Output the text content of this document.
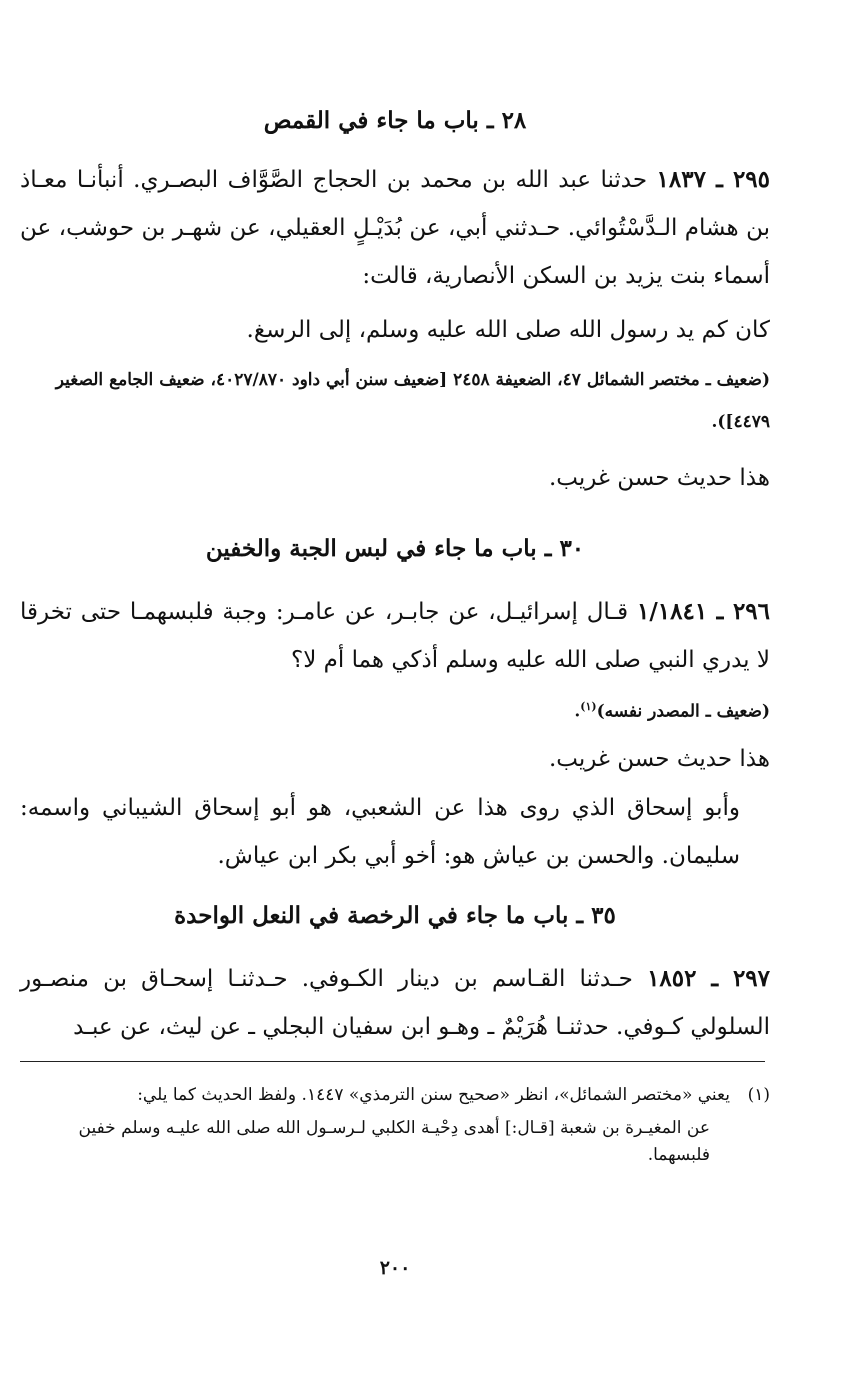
٢٨ ـ باب ما جاء في القمص
٢٩٥ ـ ١٨٣٧ حدثنا عبد الله بن محمد بن الحجاج الصَّوَّاف البصـري. أنبأنـا معـاذ بن هشام الـدَّسْتُوائي. حـدثني أبي، عن بُدَيْـلٍ العقيلي، عن شهـر بن حوشب، عن أسماء بنت يزيد بن السكن الأنصارية، قالت:
كان كم يد رسول الله صلى الله عليه وسلم، إلى الرسغ.
(ضعيف ـ مختصر الشمائل ٤٧، الضعيفة ٢٤٥٨ [ضعيف سنن أبي داود ٤٠٢٧/٨٧٠، ضعيف الجامع الصغير ٤٤٧٩]).
هذا حديث حسن غريب.
٣٠ ـ باب ما جاء في لبس الجبة والخفين
٢٩٦ ـ ١/١٨٤١ قـال إسرائيـل، عن جابـر، عن عامـر: وجبة فلبسهمـا حتى تخرقا لا يدري النبي صلى الله عليه وسلم أذكي هما أم لا؟
(ضعيف ـ المصدر نفسه)$^{(١)}$.
هذا حديث حسن غريب.
وأبو إسحاق الذي روى هذا عن الشعبي، هو أبو إسحاق الشيباني واسمه: سليمان. والحسن بن عياش هو: أخو أبي بكر ابن عياش.
٣٥ ـ باب ما جاء في الرخصة في النعل الواحدة
٢٩٧ ـ ١٨٥٢ حـدثنا القـاسم بن دينار الكـوفي. حـدثنـا إسحـاق بن منصـور السلولي كـوفي. حدثنـا هُرَيْمٌ ـ وهـو ابن سفيان البجلي ـ عن ليث، عن عبـد
(١)يعني «مختصر الشمائل»، انظر «صحيح سنن الترمذي» ١٤٤٧. ولفظ الحديث كما يلي:
عن المغيـرة بن شعبة [قـال:] أهدى دِحْيـة الكلبي لـرسـول الله صلى الله عليـه وسلم خفين فلبسهما.
٢٠٠
